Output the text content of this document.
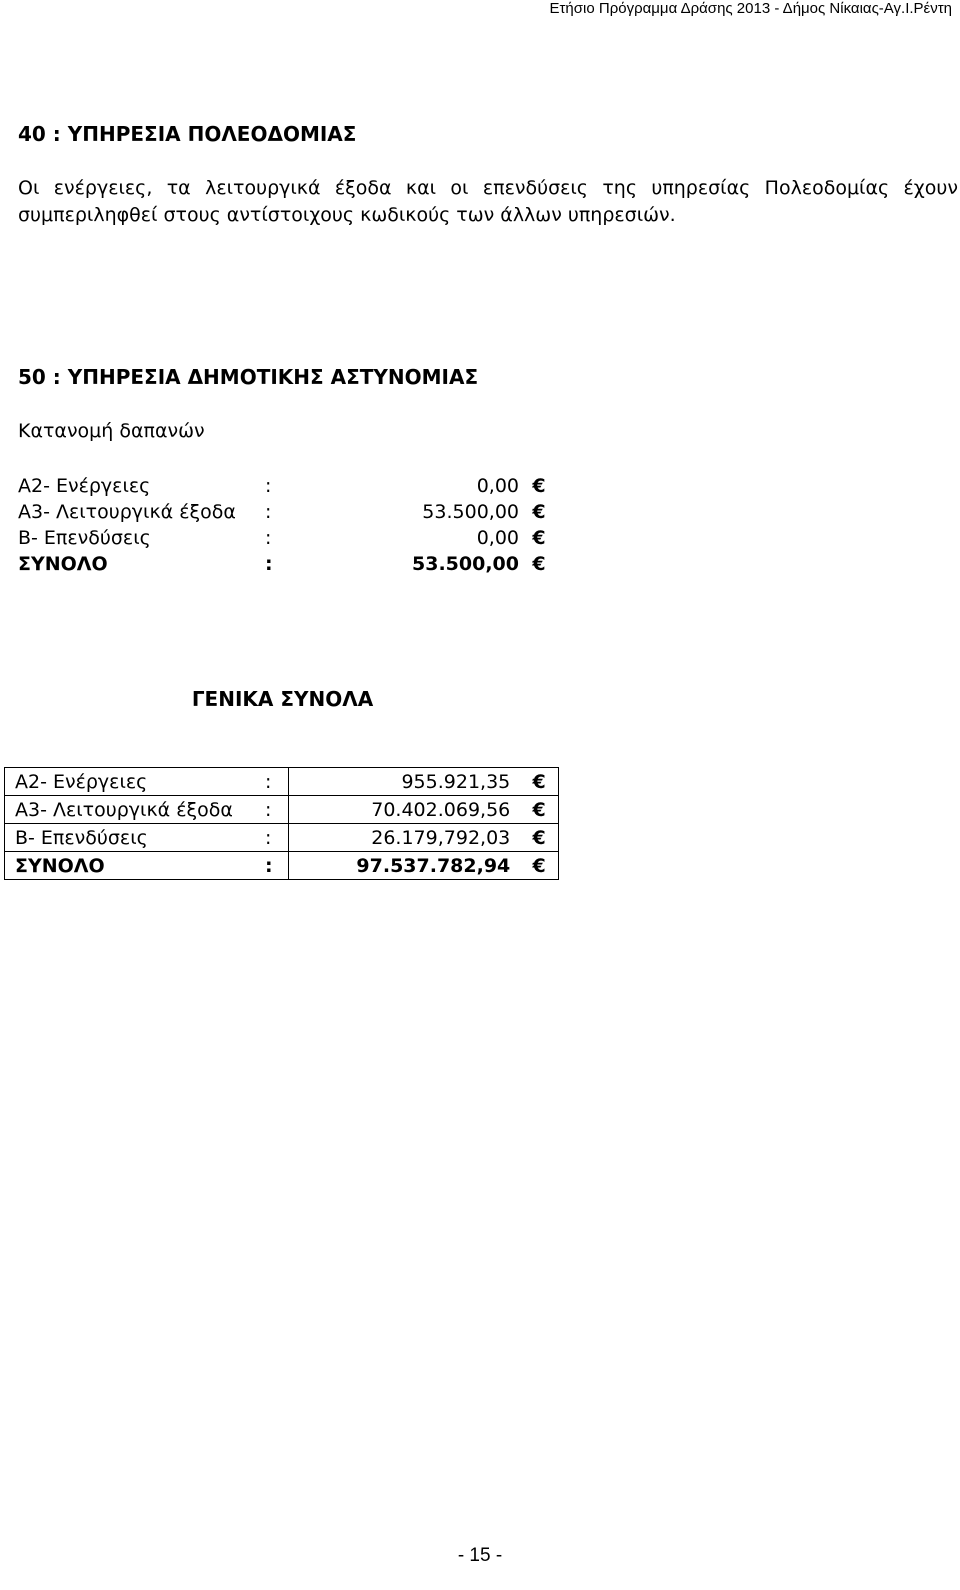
Ετήσιο Πρόγραμμα Δράσης 2013 - Δήμος Νίκαιας-Αγ.Ι.Ρέντη
40 : ΥΠΗΡΕΣΙΑ ΠΟΛΕΟΔΟΜΙΑΣ
Οι ενέργειες, τα λειτουργικά έξοδα και οι επενδύσεις της υπηρεσίας Πολεοδομίας έχουν
συμπεριληφθεί στους αντίστοιχους κωδικούς των άλλων υπηρεσιών.
50 : ΥΠΗΡΕΣΙΑ ΔΗΜΟΤΙΚΗΣ ΑΣΤΥΝΟΜΙΑΣ
Κατανομή δαπανών
Α2- Ενέργειες	:	0,00	€
Α3- Λειτουργικά έξοδα	:	53.500,00	€
Β- Επενδύσεις	:	0,00	€
ΣΥΝΟΛΟ	:	53.500,00	€
ΓΕΝΙΚΑ ΣΥΝΟΛΑ
Α2- Ενέργειες	:	955.921,35	€
Α3- Λειτουργικά έξοδα	:	70.402.069,56	€
Β- Επενδύσεις	:	26.179,792,03	€
ΣΥΝΟΛΟ	:	97.537.782,94	€
- 15 -
